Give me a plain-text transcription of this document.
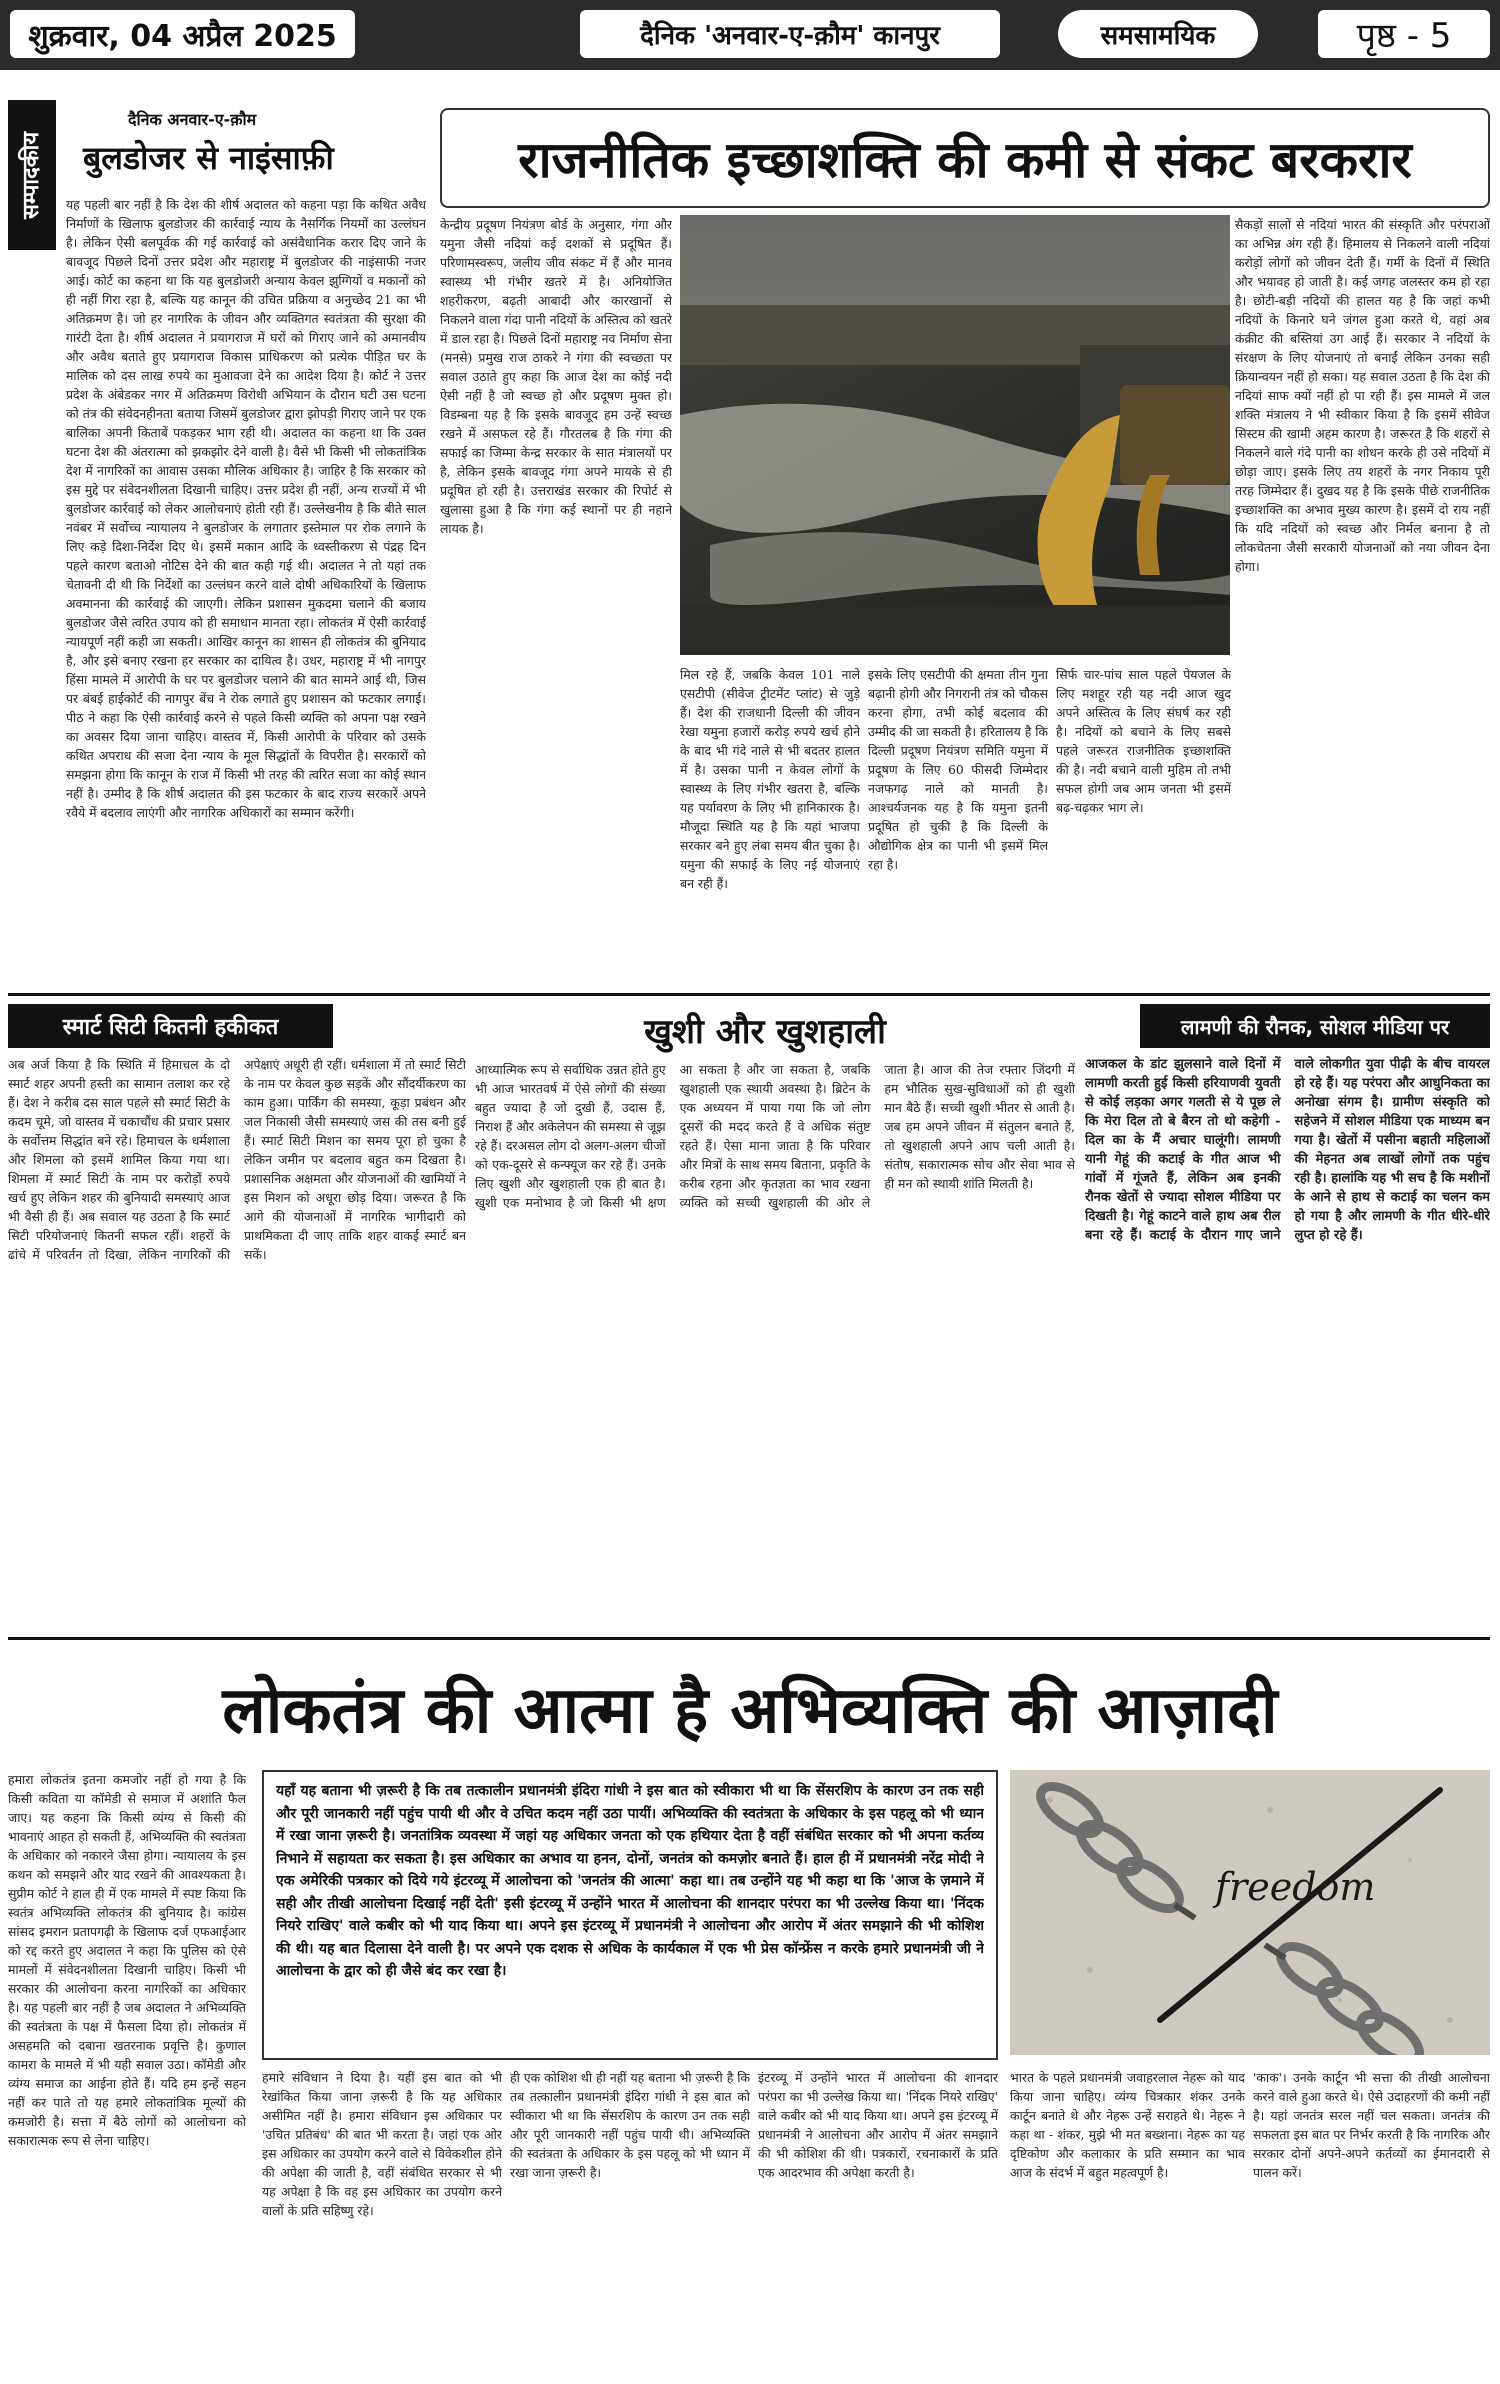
शुक्रवार, 04 अप्रैल 2025	दैनिक 'अनवार-ए-क़ौम' कानपुर	समसामयिक	पृष्ठ - 5
सम्पादकीय
दैनिक अनवार-ए-क़ौम
बुलडोजर से नाइंसाफ़ी
यह पहली बार नहीं है कि देश की शीर्ष अदालत को कहना पड़ा कि कथित अवैध निर्माणों के खिलाफ बुलडोजर की कार्रवाई न्याय के नैसर्गिक नियमों का उल्लंघन है। लेकिन ऐसी बलपूर्वक की गई कार्रवाई को असंवैधानिक करार दिए जाने के बावजूद पिछले दिनों उत्तर प्रदेश और महाराष्ट्र में बुलडोजर की नाइंसाफी नजर आई। कोर्ट का कहना था कि यह बुलडोजरी अन्याय केवल झुग्गियों व मकानों को ही नहीं गिरा रहा है, बल्कि यह कानून की उचित प्रक्रिया व अनुच्छेद 21 का भी अतिक्रमण है। जो हर नागरिक के जीवन और व्यक्तिगत स्वतंत्रता की सुरक्षा की गारंटी देता है। शीर्ष अदालत ने प्रयागराज में घरों को गिराए जाने को अमानवीय और अवैध बताते हुए प्रयागराज विकास प्राधिकरण को प्रत्येक पीड़ित घर के मालिक को दस लाख रुपये का मुआवजा देने का आदेश दिया है। कोर्ट ने उत्तर प्रदेश के अंबेडकर नगर में अतिक्रमण विरोधी अभियान के दौरान घटी उस घटना को तंत्र की संवेदनहीनता बताया जिसमें बुलडोजर द्वारा झोपड़ी गिराए जाने पर एक बालिका अपनी किताबें पकड़कर भाग रही थी। अदालत का कहना था कि उक्त घटना देश की अंतरात्मा को झकझोर देने वाली है। वैसे भी किसी भी लोकतांत्रिक देश में नागरिकों का आवास उसका मौलिक अधिकार है। जाहिर है कि सरकार को इस मुद्दे पर संवेदनशीलता दिखानी चाहिए। उत्तर प्रदेश ही नहीं, अन्य राज्यों में भी बुलडोजर कार्रवाई को लेकर आलोचनाएं होती रही हैं। उल्लेखनीय है कि बीते साल नवंबर में सर्वोच्च न्यायालय ने बुलडोजर के लगातार इस्तेमाल पर रोक लगाने के लिए कड़े दिशा-निर्देश दिए थे। इसमें मकान आदि के ध्वस्तीकरण से पंद्रह दिन पहले कारण बताओ नोटिस देने की बात कही गई थी। अदालत ने तो यहां तक चेतावनी दी थी कि निर्देशों का उल्लंघन करने वाले दोषी अधिकारियों के खिलाफ अवमानना की कार्रवाई की जाएगी। लेकिन प्रशासन मुकदमा चलाने की बजाय बुलडोजर जैसे त्वरित उपाय को ही समाधान मानता रहा। लोकतंत्र में ऐसी कार्रवाई न्यायपूर्ण नहीं कही जा सकती। आखिर कानून का शासन ही लोकतंत्र की बुनियाद है, और इसे बनाए रखना हर सरकार का दायित्व है। उधर, महाराष्ट्र में भी नागपुर हिंसा मामले में आरोपी के घर पर बुलडोजर चलाने की बात सामने आई थी, जिस पर बंबई हाईकोर्ट की नागपुर बेंच ने रोक लगाते हुए प्रशासन को फटकार लगाई। पीठ ने कहा कि ऐसी कार्रवाई करने से पहले किसी व्यक्ति को अपना पक्ष रखने का अवसर दिया जाना चाहिए। वास्तव में, किसी आरोपी के परिवार को उसके कथित अपराध की सजा देना न्याय के मूल सिद्धांतों के विपरीत है। सरकारों को समझना होगा कि कानून के राज में किसी भी तरह की त्वरित सजा का कोई स्थान नहीं है। उम्मीद है कि शीर्ष अदालत की इस फटकार के बाद राज्य सरकारें अपने रवैये में बदलाव लाएंगी और नागरिक अधिकारों का सम्मान करेंगी।
राजनीतिक इच्छाशक्ति की कमी से संकट बरकरार
केन्द्रीय प्रदूषण नियंत्रण बोर्ड के अनुसार, गंगा और यमुना जैसी नदियां कई दशकों से प्रदूषित हैं। परिणामस्वरूप, जलीय जीव संकट में हैं और मानव स्वास्थ्य भी गंभीर खतरे में है। अनियोजित शहरीकरण, बढ़ती आबादी और कारखानों से निकलने वाला गंदा पानी नदियों के अस्तित्व को खतरे में डाल रहा है। पिछले दिनों महाराष्ट्र नव निर्माण सेना (मनसे) प्रमुख राज ठाकरे ने गंगा की स्वच्छता पर सवाल उठाते हुए कहा कि आज देश का कोई नदी ऐसी नहीं है जो स्वच्छ हो और प्रदूषण मुक्त हो। विडम्बना यह है कि इसके बावजूद हम उन्हें स्वच्छ रखने में असफल रहे हैं। गौरतलब है कि गंगा की सफाई का जिम्मा केन्द्र सरकार के सात मंत्रालयों पर है, लेकिन इसके बावजूद गंगा अपने मायके से ही प्रदूषित हो रही है। उत्तराखंड सरकार की रिपोर्ट से खुलासा हुआ है कि गंगा कई स्थानों पर ही नहाने लायक है।
सैकड़ों सालों से नदियां भारत की संस्कृति और परंपराओं का अभिन्न अंग रही हैं। हिमालय से निकलने वाली नदियां करोड़ों लोगों को जीवन देती हैं। गर्मी के दिनों में स्थिति और भयावह हो जाती है। कई जगह जलस्तर कम हो रहा है। छोटी-बड़ी नदियों की हालत यह है कि जहां कभी नदियों के किनारे घने जंगल हुआ करते थे, वहां अब कंक्रीट की बस्तियां उग आई हैं। सरकार ने नदियों के संरक्षण के लिए योजनाएं तो बनाईं लेकिन उनका सही क्रियान्वयन नहीं हो सका। यह सवाल उठता है कि देश की नदियां साफ क्यों नहीं हो पा रही हैं। इस मामले में जल शक्ति मंत्रालय ने भी स्वीकार किया है कि इसमें सीवेज सिस्टम की खामी अहम कारण है। जरूरत है कि शहरों से निकलने वाले गंदे पानी का शोधन करके ही उसे नदियों में छोड़ा जाए। इसके लिए तय शहरों के नगर निकाय पूरी तरह जिम्मेदार हैं। दुखद यह है कि इसके पीछे राजनीतिक इच्छाशक्ति का अभाव मुख्य कारण है। इसमें दो राय नहीं कि यदि नदियों को स्वच्छ और निर्मल बनाना है तो लोकचेतना जैसी सरकारी योजनाओं को नया जीवन देना होगा।
मिल रहे हैं, जबकि केवल 101 नाले एसटीपी (सीवेज ट्रीटमेंट प्लांट) से जुड़े हैं। देश की राजधानी दिल्ली की जीवन रेखा यमुना हजारों करोड़ रुपये खर्च होने के बाद भी गंदे नाले से भी बदतर हालत में है। उसका पानी न केवल लोगों के स्वास्थ्य के लिए गंभीर खतरा है, बल्कि यह पर्यावरण के लिए भी हानिकारक है। मौजूदा स्थिति यह है कि यहां भाजपा सरकार बने हुए लंबा समय बीत चुका है। यमुना की सफाई के लिए नई योजनाएं बन रही हैं।
इसके लिए एसटीपी की क्षमता तीन गुना बढ़ानी होगी और निगरानी तंत्र को चौकस करना होगा, तभी कोई बदलाव की उम्मीद की जा सकती है। हरितालय है कि दिल्ली प्रदूषण नियंत्रण समिति यमुना में प्रदूषण के लिए 60 फीसदी जिम्मेदार नजफगढ़ नाले को मानती है। आश्चर्यजनक यह है कि यमुना इतनी प्रदूषित हो चुकी है कि दिल्ली के औद्योगिक क्षेत्र का पानी भी इसमें मिल रहा है।
सिर्फ चार-पांच साल पहले पेयजल के लिए मशहूर रही यह नदी आज खुद अपने अस्तित्व के लिए संघर्ष कर रही है। नदियों को बचाने के लिए सबसे पहले जरूरत राजनीतिक इच्छाशक्ति की है। नदी बचाने वाली मुहिम तो तभी सफल होगी जब आम जनता भी इसमें बढ़-चढ़कर भाग ले।
स्मार्ट सिटी कितनी हकीकत
अब अर्ज किया है कि स्थिति में हिमाचल के दो स्मार्ट शहर अपनी हस्ती का सामान तलाश कर रहे हैं। देश ने करीब दस साल पहले सौ स्मार्ट सिटी के कदम चूमे, जो वास्तव में चकाचौंध की प्रचार प्रसार के सर्वोत्तम सिद्धांत बने रहे। हिमाचल के धर्मशाला और शिमला को इसमें शामिल किया गया था। शिमला में स्मार्ट सिटी के नाम पर करोड़ों रुपये खर्च हुए लेकिन शहर की बुनियादी समस्याएं आज भी वैसी ही हैं। अब सवाल यह उठता है कि स्मार्ट सिटी परियोजनाएं कितनी सफल रहीं। शहरों के ढांचे में परिवर्तन तो दिखा, लेकिन नागरिकों की अपेक्षाएं अधूरी ही रहीं। धर्मशाला में तो स्मार्ट सिटी के नाम पर केवल कुछ सड़कें और सौंदर्यीकरण का काम हुआ। पार्किंग की समस्या, कूड़ा प्रबंधन और जल निकासी जैसी समस्याएं जस की तस बनी हुई हैं। स्मार्ट सिटी मिशन का समय पूरा हो चुका है लेकिन जमीन पर बदलाव बहुत कम दिखता है। प्रशासनिक अक्षमता और योजनाओं की खामियों ने इस मिशन को अधूरा छोड़ दिया। जरूरत है कि आगे की योजनाओं में नागरिक भागीदारी को प्राथमिकता दी जाए ताकि शहर वाकई स्मार्ट बन सकें।
खुशी और खुशहाली
आध्यात्मिक रूप से सर्वाधिक उन्नत होते हुए भी आज भारतवर्ष में ऐसे लोगों की संख्या बहुत ज्यादा है जो दुखी हैं, उदास हैं, निराश हैं और अकेलेपन की समस्या से जूझ रहे हैं। दरअसल लोग दो अलग-अलग चीजों को एक-दूसरे से कन्फ्यूज कर रहे हैं। उनके लिए खुशी और खुशहाली एक ही बात है। खुशी एक मनोभाव है जो किसी भी क्षण आ सकता है और जा सकता है, जबकि खुशहाली एक स्थायी अवस्था है। ब्रिटेन के एक अध्ययन में पाया गया कि जो लोग दूसरों की मदद करते हैं वे अधिक संतुष्ट रहते हैं। ऐसा माना जाता है कि परिवार और मित्रों के साथ समय बिताना, प्रकृति के करीब रहना और कृतज्ञता का भाव रखना व्यक्ति को सच्ची खुशहाली की ओर ले जाता है। आज की तेज रफ्तार जिंदगी में हम भौतिक सुख-सुविधाओं को ही खुशी मान बैठे हैं। सच्ची खुशी भीतर से आती है। जब हम अपने जीवन में संतुलन बनाते हैं, तो खुशहाली अपने आप चली आती है। संतोष, सकारात्मक सोच और सेवा भाव से ही मन को स्थायी शांति मिलती है।
लामणी की रौनक, सोशल मीडिया पर
आजकल के डांट झुलसाने वाले दिनों में लामणी करती हुई किसी हरियाणवी युवती से कोई लड़का अगर गलती से ये पूछ ले कि मेरा दिल तो बे बैरन तो थो कहेगी - दिल का के मैं अचार घालूंगी। लामणी यानी गेहूं की कटाई के गीत आज भी गांवों में गूंजते हैं, लेकिन अब इनकी रौनक खेतों से ज्यादा सोशल मीडिया पर दिखती है। गेहूं काटने वाले हाथ अब रील बना रहे हैं। कटाई के दौरान गाए जाने वाले लोकगीत युवा पीढ़ी के बीच वायरल हो रहे हैं। यह परंपरा और आधुनिकता का अनोखा संगम है। ग्रामीण संस्कृति को सहेजने में सोशल मीडिया एक माध्यम बन गया है। खेतों में पसीना बहाती महिलाओं की मेहनत अब लाखों लोगों तक पहुंच रही है। हालांकि यह भी सच है कि मशीनों के आने से हाथ से कटाई का चलन कम हो गया है और लामणी के गीत धीरे-धीरे लुप्त हो रहे हैं।
लोकतंत्र की आत्मा है अभिव्यक्ति की आज़ादी
हमारा लोकतंत्र इतना कमजोर नहीं हो गया है कि किसी कविता या कॉमेडी से समाज में अशांति फैल जाए। यह कहना कि किसी व्यंग्य से किसी की भावनाएं आहत हो सकती हैं, अभिव्यक्ति की स्वतंत्रता के अधिकार को नकारने जैसा होगा। न्यायालय के इस कथन को समझने और याद रखने की आवश्यकता है। सुप्रीम कोर्ट ने हाल ही में एक मामले में स्पष्ट किया कि स्वतंत्र अभिव्यक्ति लोकतंत्र की बुनियाद है। कांग्रेस सांसद इमरान प्रतापगढ़ी के खिलाफ दर्ज एफआईआर को रद्द करते हुए अदालत ने कहा कि पुलिस को ऐसे मामलों में संवेदनशीलता दिखानी चाहिए। किसी भी सरकार की आलोचना करना नागरिकों का अधिकार है। यह पहली बार नहीं है जब अदालत ने अभिव्यक्ति की स्वतंत्रता के पक्ष में फैसला दिया हो। लोकतंत्र में असहमति को दबाना खतरनाक प्रवृत्ति है। कुणाल कामरा के मामले में भी यही सवाल उठा। कॉमेडी और व्यंग्य समाज का आईना होते हैं। यदि हम इन्हें सहन नहीं कर पाते तो यह हमारे लोकतांत्रिक मूल्यों की कमजोरी है। सत्ता में बैठे लोगों को आलोचना को सकारात्मक रूप से लेना चाहिए।
यहाँ यह बताना भी ज़रूरी है कि तब तत्कालीन प्रधानमंत्री इंदिरा गांधी ने इस बात को स्वीकारा भी था कि सेंसरशिप के कारण उन तक सही और पूरी जानकारी नहीं पहुंच पायी थी और वे उचित कदम नहीं उठा पायीं। अभिव्यक्ति की स्वतंत्रता के अधिकार के इस पहलू को भी ध्यान में रखा जाना ज़रूरी है। जनतांत्रिक व्यवस्था में जहां यह अधिकार जनता को एक हथियार देता है वहीं संबंधित सरकार को भी अपना कर्तव्य निभाने में सहायता कर सकता है। इस अधिकार का अभाव या हनन, दोनों, जनतंत्र को कमज़ोर बनाते हैं। हाल ही में प्रधानमंत्री नरेंद्र मोदी ने एक अमेरिकी पत्रकार को दिये गये इंटरव्यू में आलोचना को 'जनतंत्र की आत्मा' कहा था। तब उन्होंने यह भी कहा था कि 'आज के ज़माने में सही और तीखी आलोचना दिखाई नहीं देती' इसी इंटरव्यू में उन्होंने भारत में आलोचना की शानदार परंपरा का भी उल्लेख किया था। 'निंदक नियरे राखिए' वाले कबीर को भी याद किया था। अपने इस इंटरव्यू में प्रधानमंत्री ने आलोचना और आरोप में अंतर समझाने की भी कोशिश की थी। यह बात दिलासा देने वाली है। पर अपने एक दशक से अधिक के कार्यकाल में एक भी प्रेस कॉन्फ्रेंस न करके हमारे प्रधानमंत्री जी ने आलोचना के द्वार को ही जैसे बंद कर रखा है।
freedom
हमारे संविधान ने दिया है। यहीं इस बात को भी रेखांकित किया जाना ज़रूरी है कि यह अधिकार असीमित नहीं है। हमारा संविधान इस अधिकार पर 'उचित प्रतिबंध' की बात भी करता है। जहां एक ओर इस अधिकार का उपयोग करने वाले से विवेकशील होने की अपेक्षा की जाती है, वहीं संबंधित सरकार से भी यह अपेक्षा है कि वह इस अधिकार का उपयोग करने वालों के प्रति सहिष्णु रहे।
ही एक कोशिश थी ही नहीं यह बताना भी ज़रूरी है कि तब तत्कालीन प्रधानमंत्री इंदिरा गांधी ने इस बात को स्वीकारा भी था कि सेंसरशिप के कारण उन तक सही और पूरी जानकारी नहीं पहुंच पायी थी। अभिव्यक्ति की स्वतंत्रता के अधिकार के इस पहलू को भी ध्यान में रखा जाना ज़रूरी है।
इंटरव्यू में उन्होंने भारत में आलोचना की शानदार परंपरा का भी उल्लेख किया था। 'निंदक नियरे राखिए' वाले कबीर को भी याद किया था। अपने इस इंटरव्यू में प्रधानमंत्री ने आलोचना और आरोप में अंतर समझाने की भी कोशिश की थी। पत्रकारों, रचनाकारों के प्रति एक आदरभाव की अपेक्षा करती है।
भारत के पहले प्रधानमंत्री जवाहरलाल नेहरू को याद किया जाना चाहिए। व्यंग्य चित्रकार शंकर उनके कार्टून बनाते थे और नेहरू उन्हें सराहते थे। नेहरू ने कहा था - शंकर, मुझे भी मत बख्शना। नेहरू का यह दृष्टिकोण और कलाकार के प्रति सम्मान का भाव आज के संदर्भ में बहुत महत्वपूर्ण है।
'काक'। उनके कार्टून भी सत्ता की तीखी आलोचना करने वाले हुआ करते थे। ऐसे उदाहरणों की कमी नहीं है। यहां जनतंत्र सरल नहीं चल सकता। जनतंत्र की सफलता इस बात पर निर्भर करती है कि नागरिक और सरकार दोनों अपने-अपने कर्तव्यों का ईमानदारी से पालन करें।
